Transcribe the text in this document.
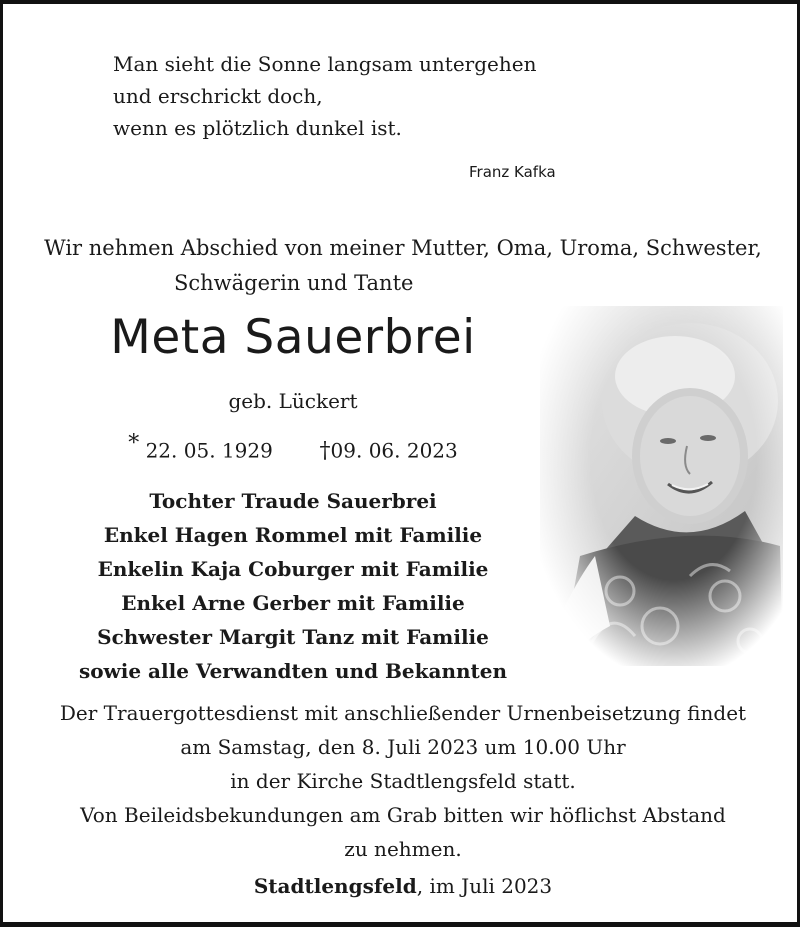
Man sieht die Sonne langsam untergehen
und erschrickt doch,
wenn es plötzlich dunkel ist.
Franz Kafka
Wir nehmen Abschied von meiner Mutter, Oma, Uroma, Schwester,
Schwägerin und Tante
Meta Sauerbrei
geb. Lückert
* 22. 05. 1929 †09. 06. 2023
Tochter Traude Sauerbrei
Enkel Hagen Rommel mit Familie
Enkelin Kaja Coburger mit Familie
Enkel Arne Gerber mit Familie
Schwester Margit Tanz mit Familie
sowie alle Verwandten und Bekannten
Der Trauergottesdienst mit anschließender Urnenbeisetzung findet
am Samstag, den 8. Juli 2023 um 10.00 Uhr
in der Kirche Stadtlengsfeld statt.
Von Beileidsbekundungen am Grab bitten wir höflichst Abstand
zu nehmen.
Stadtlengsfeld, im Juli 2023
